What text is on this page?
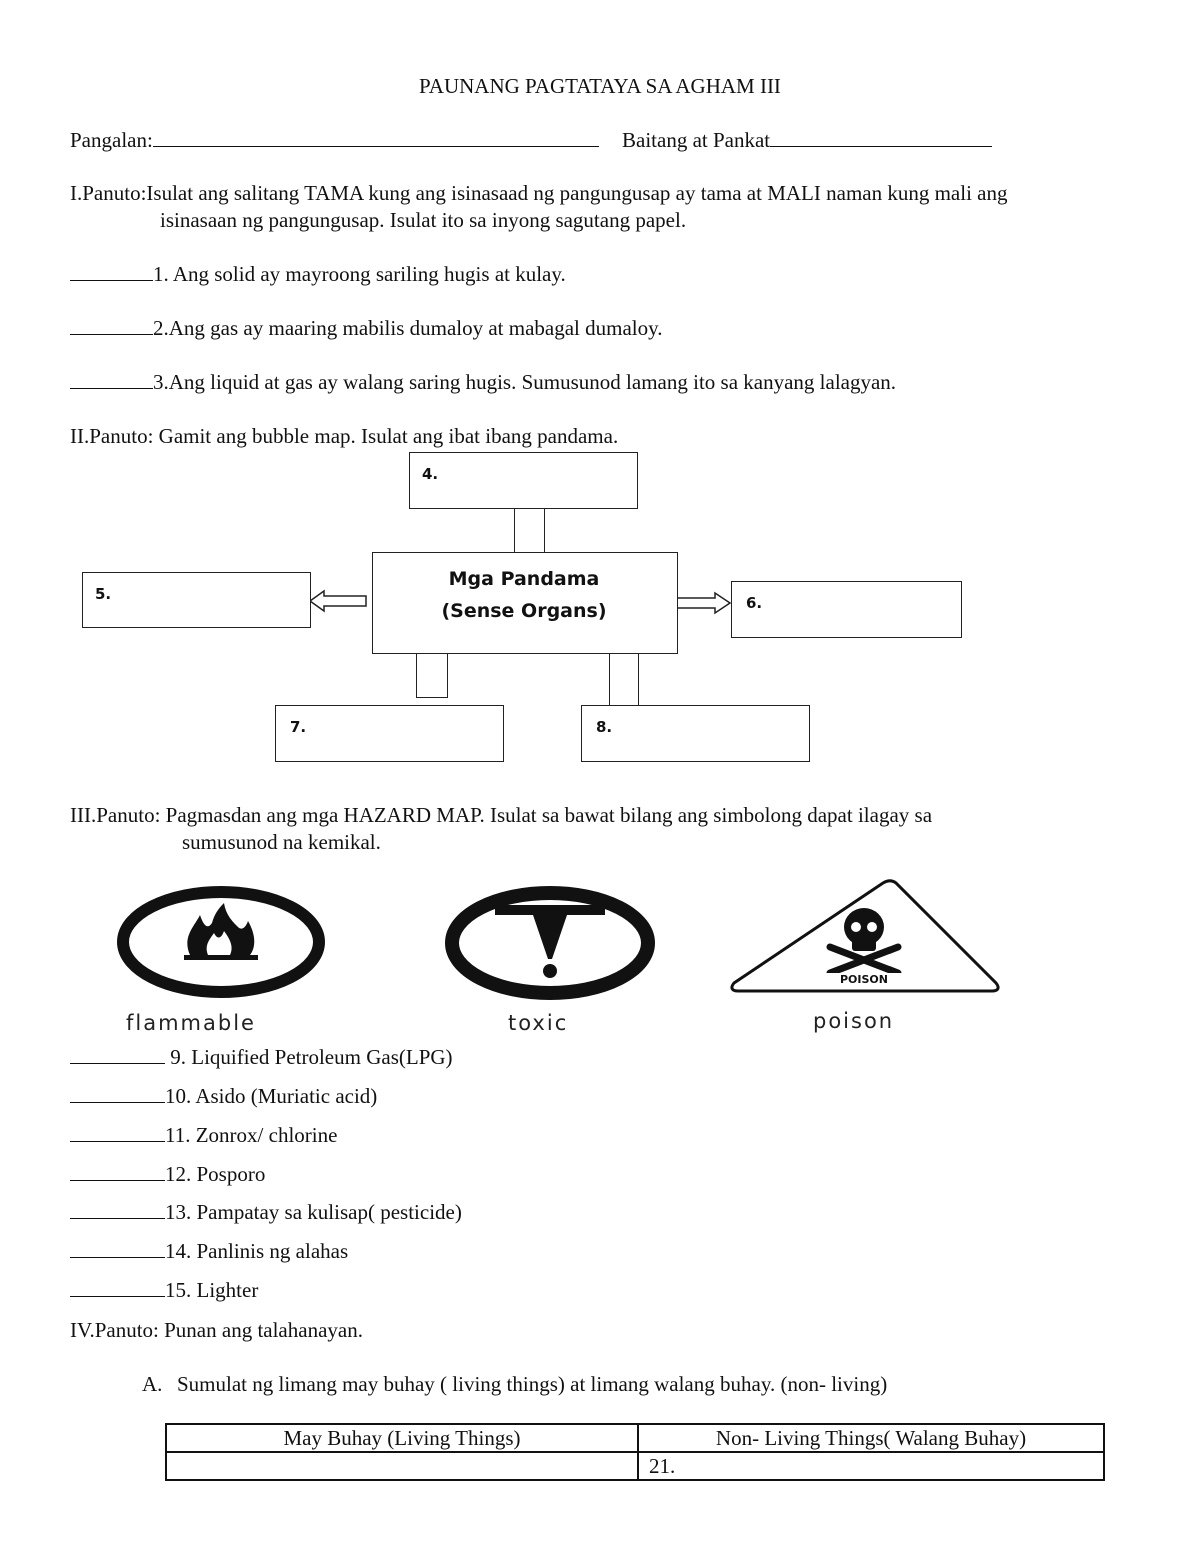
PAUNANG PAGTATAYA SA AGHAM III
Pangalan:	Baitang at Pankat
I.Panuto:Isulat ang salitang TAMA kung ang isinasaad ng pangungusap ay tama at MALI naman kung mali ang
isinasaan ng pangungusap. Isulat ito sa inyong sagutang papel.
1. Ang solid ay mayroong sariling hugis at kulay.
2.Ang gas ay maaring mabilis dumaloy at mabagal dumaloy.
3.Ang liquid at gas ay walang saring hugis. Sumusunod lamang ito sa kanyang lalagyan.
II.Panuto: Gamit ang bubble map. Isulat ang ibat ibang pandama.
Mga Pandama
(Sense Organs)
4.
5.	6.
7.	8.
III.Panuto: Pagmasdan ang mga HAZARD MAP. Isulat sa bawat bilang ang simbolong dapat ilagay sa
sumusunod na kemikal.
POISON
flammable	toxic	poison
9. Liquified Petroleum Gas(LPG)
10. Asido (Muriatic acid)
11. Zonrox/ chlorine
12. Posporo
13. Pampatay sa kulisap( pesticide)
14. Panlinis ng alahas
15. Lighter
IV.Panuto: Punan ang talahanayan.
A. Sumulat ng limang may buhay ( living things) at limang walang buhay. (non- living)
May Buhay (Living Things)	Non- Living Things( Walang Buhay)
	21.
